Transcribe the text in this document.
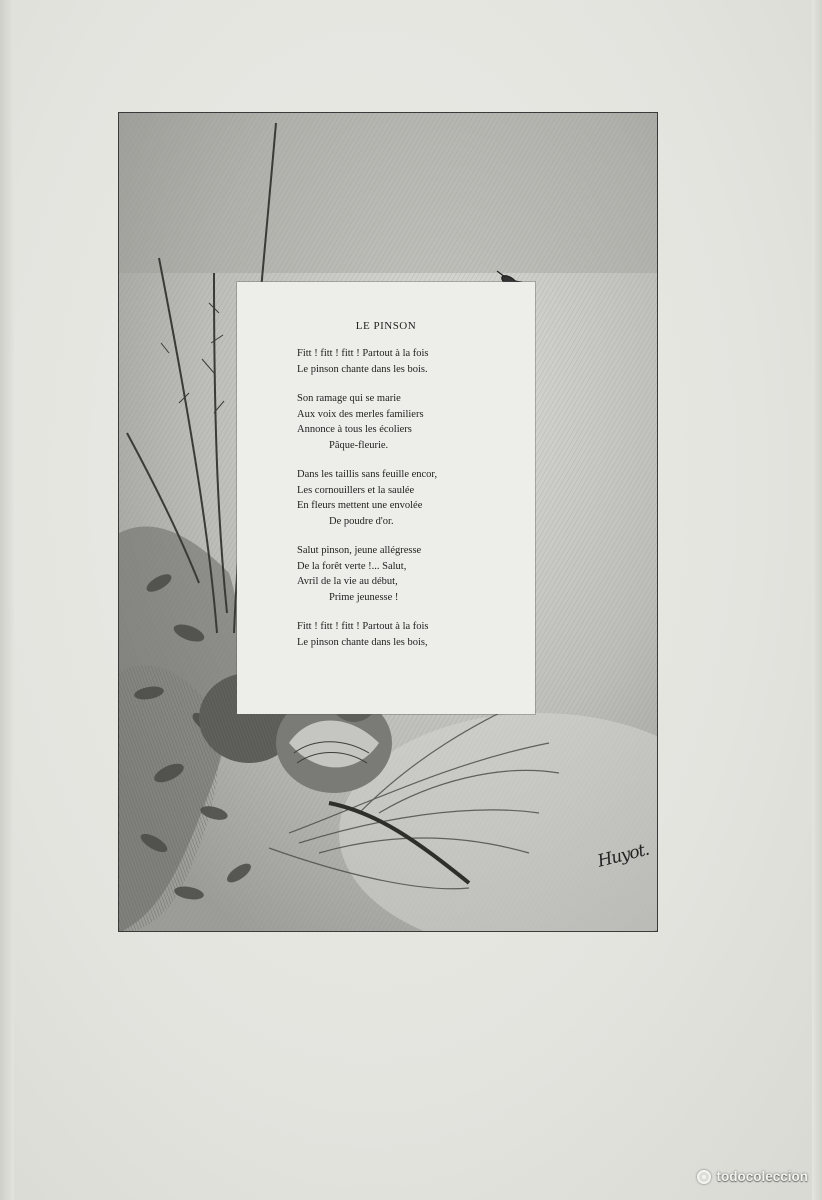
LE PINSON
Fitt ! fitt ! fitt ! Partout à la fois
Le pinson chante dans les bois.
Son ramage qui se marie
Aux voix des merles familiers
Annonce à tous les écoliers
Pâque-fleurie.
Dans les taillis sans feuille encor,
Les cornouillers et la saulée
En fleurs mettent une envolée
De poudre d'or.
Salut pinson, jeune allégresse
De la forêt verte !... Salut,
Avril de la vie au début,
Prime jeunesse !
Fitt ! fitt ! fitt ! Partout à la fois
Le pinson chante dans les bois,
Huyot.
todocoleccion
